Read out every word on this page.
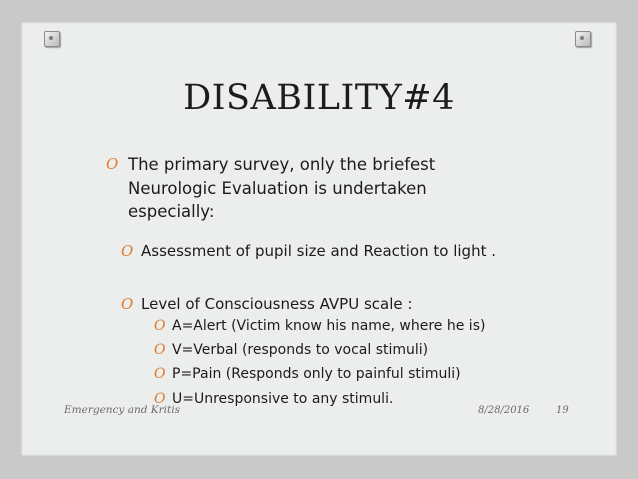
DISABILITY#4
O The primary survey, only the briefest Neurologic Evaluation is undertaken especially:
O Assessment of pupil size and Reaction to light .
O Level of Consciousness AVPU scale :
O A=Alert (Victim know his name, where he is)
O V=Verbal (responds to vocal stimuli)
O P=Pain (Responds only to painful stimuli)
O U=Unresponsive to any stimuli.
Emergency and Kritis	8/28/2016	19
